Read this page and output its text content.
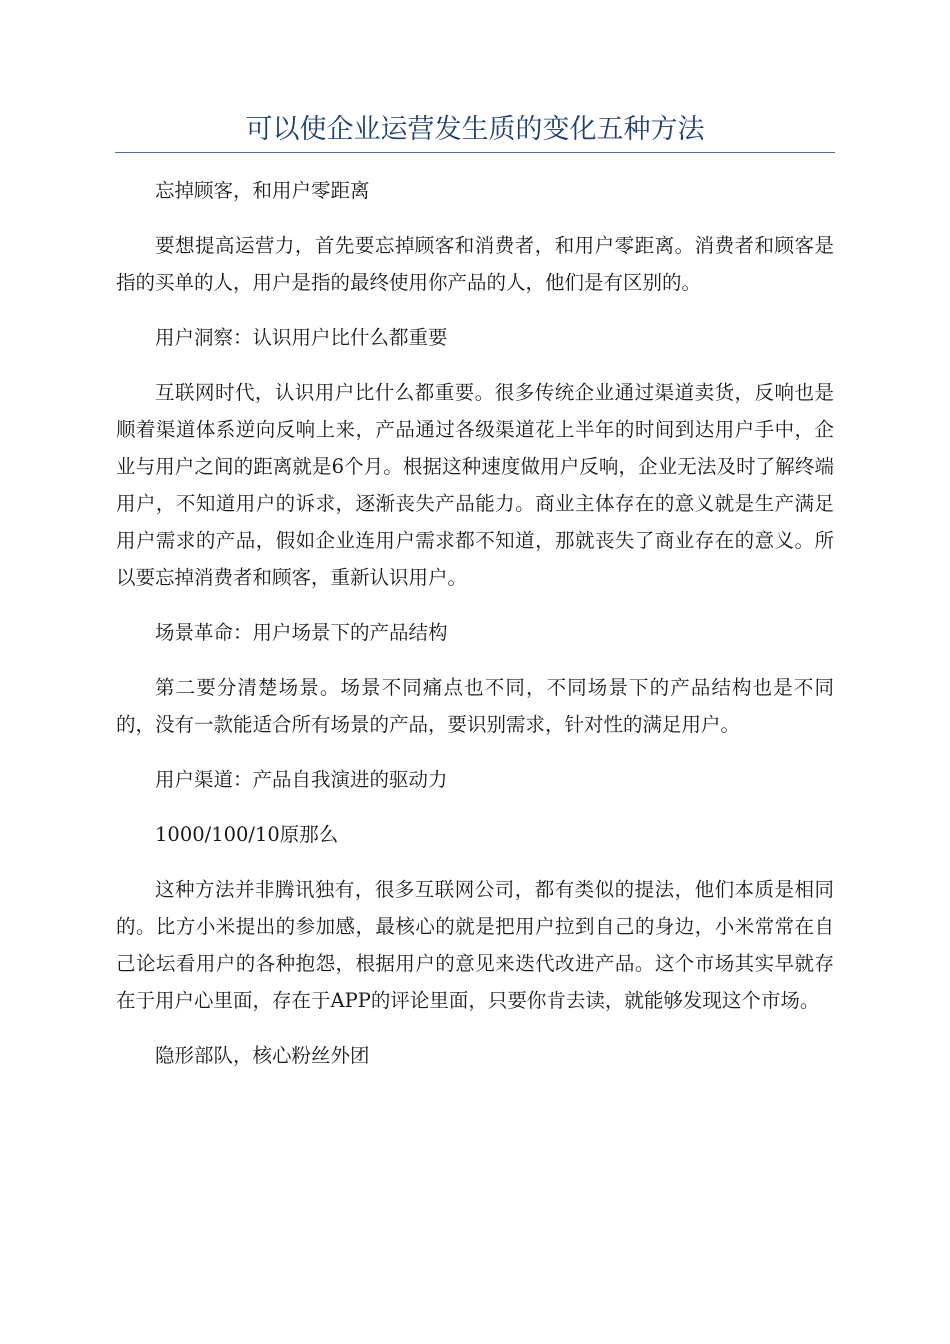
可以使企业运营发生质的变化五种方法

忘掉顾客，和用户零距离

要想提高运营力，首先要忘掉顾客和消费者，和用户零距离。消费者和顾客是指的买单的人，用户是指的最终使用你产品的人，他们是有区别的。

用户洞察：认识用户比什么都重要

互联网时代，认识用户比什么都重要。很多传统企业通过渠道卖货，反响也是顺着渠道体系逆向反响上来，产品通过各级渠道花上半年的时间到达用户手中，企业与用户之间的距离就是6个月。根据这种速度做用户反响，企业无法及时了解终端用户，不知道用户的诉求，逐渐丧失产品能力。商业主体存在的意义就是生产满足用户需求的产品，假如企业连用户需求都不知道，那就丧失了商业存在的意义。所以要忘掉消费者和顾客，重新认识用户。

场景革命：用户场景下的产品结构

第二要分清楚场景。场景不同痛点也不同，不同场景下的产品结构也是不同的，没有一款能适合所有场景的产品，要识别需求，针对性的满足用户。

用户渠道：产品自我演进的驱动力

1000/100/10原那么

这种方法并非腾讯独有，很多互联网公司，都有类似的提法，他们本质是相同的。比方小米提出的参加感，最核心的就是把用户拉到自己的身边，小米常常在自己论坛看用户的各种抱怨，根据用户的意见来迭代改进产品。这个市场其实早就存在于用户心里面，存在于APP的评论里面，只要你肯去读，就能够发现这个市场。

隐形部队，核心粉丝外团
